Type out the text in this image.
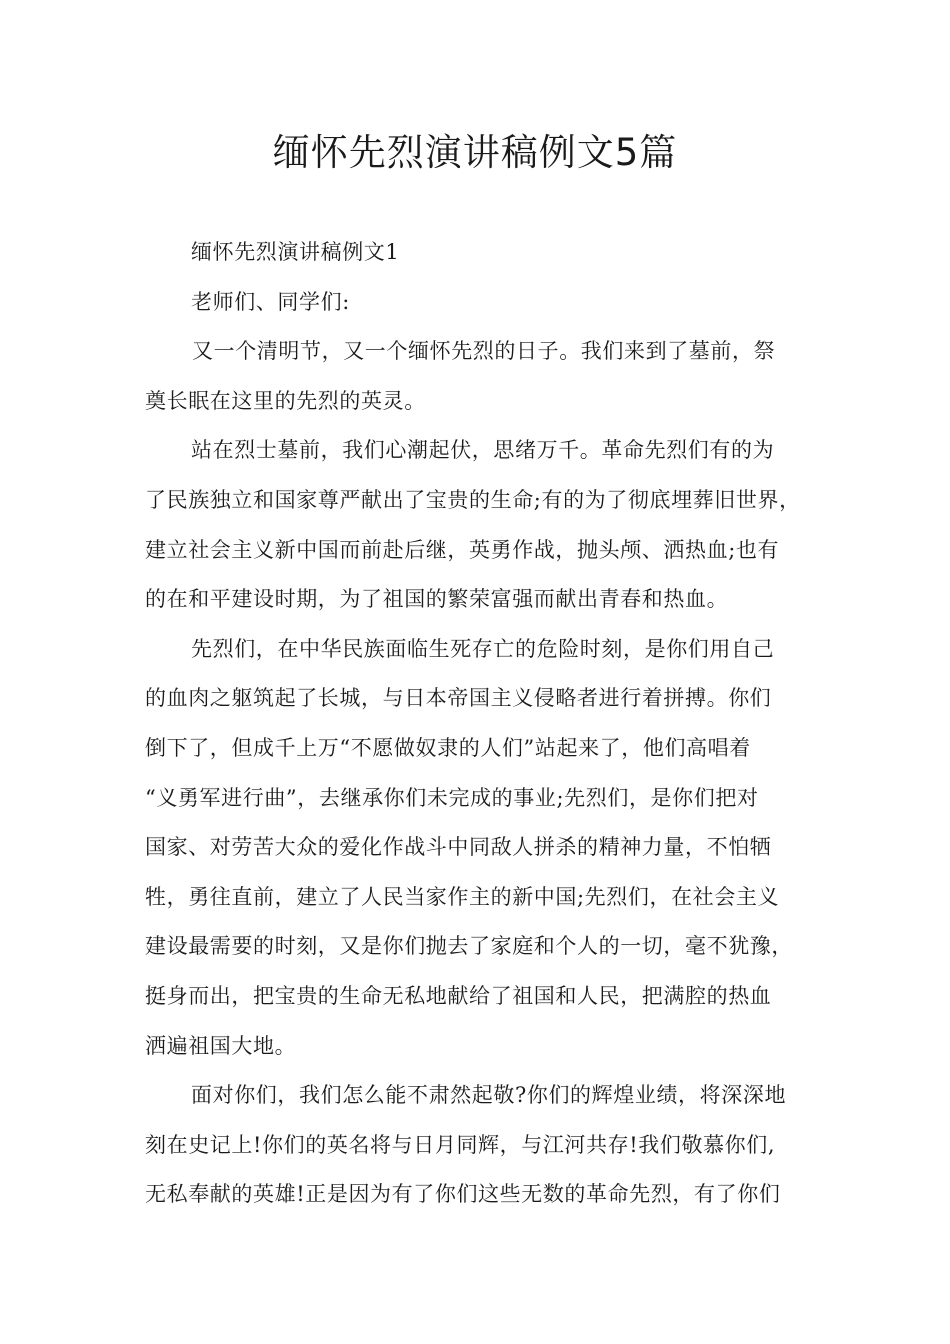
缅怀先烈演讲稿例文5篇
缅怀先烈演讲稿例文1
老师们、同学们:
又一个清明节，又一个缅怀先烈的日子。我们来到了墓前，祭
奠长眠在这里的先烈的英灵。
站在烈士墓前，我们心潮起伏，思绪万千。革命先烈们有的为
了民族独立和国家尊严献出了宝贵的生命;有的为了彻底埋葬旧世界，
建立社会主义新中国而前赴后继，英勇作战，抛头颅、洒热血;也有
的在和平建设时期，为了祖国的繁荣富强而献出青春和热血。
先烈们，在中华民族面临生死存亡的危险时刻，是你们用自己
的血肉之躯筑起了长城，与日本帝国主义侵略者进行着拼搏。你们
倒下了，但成千上万“不愿做奴隶的人们”站起来了，他们高唱着
“义勇军进行曲”，去继承你们未完成的事业;先烈们，是你们把对
国家、对劳苦大众的爱化作战斗中同敌人拼杀的精神力量，不怕牺
牲，勇往直前，建立了人民当家作主的新中国;先烈们，在社会主义
建设最需要的时刻，又是你们抛去了家庭和个人的一切，毫不犹豫，
挺身而出，把宝贵的生命无私地献给了祖国和人民，把满腔的热血
洒遍祖国大地。
面对你们，我们怎么能不肃然起敬?你们的辉煌业绩，将深深地
刻在史记上!你们的英名将与日月同辉，与江河共存!我们敬慕你们,
无私奉献的英雄!正是因为有了你们这些无数的革命先烈，有了你们
